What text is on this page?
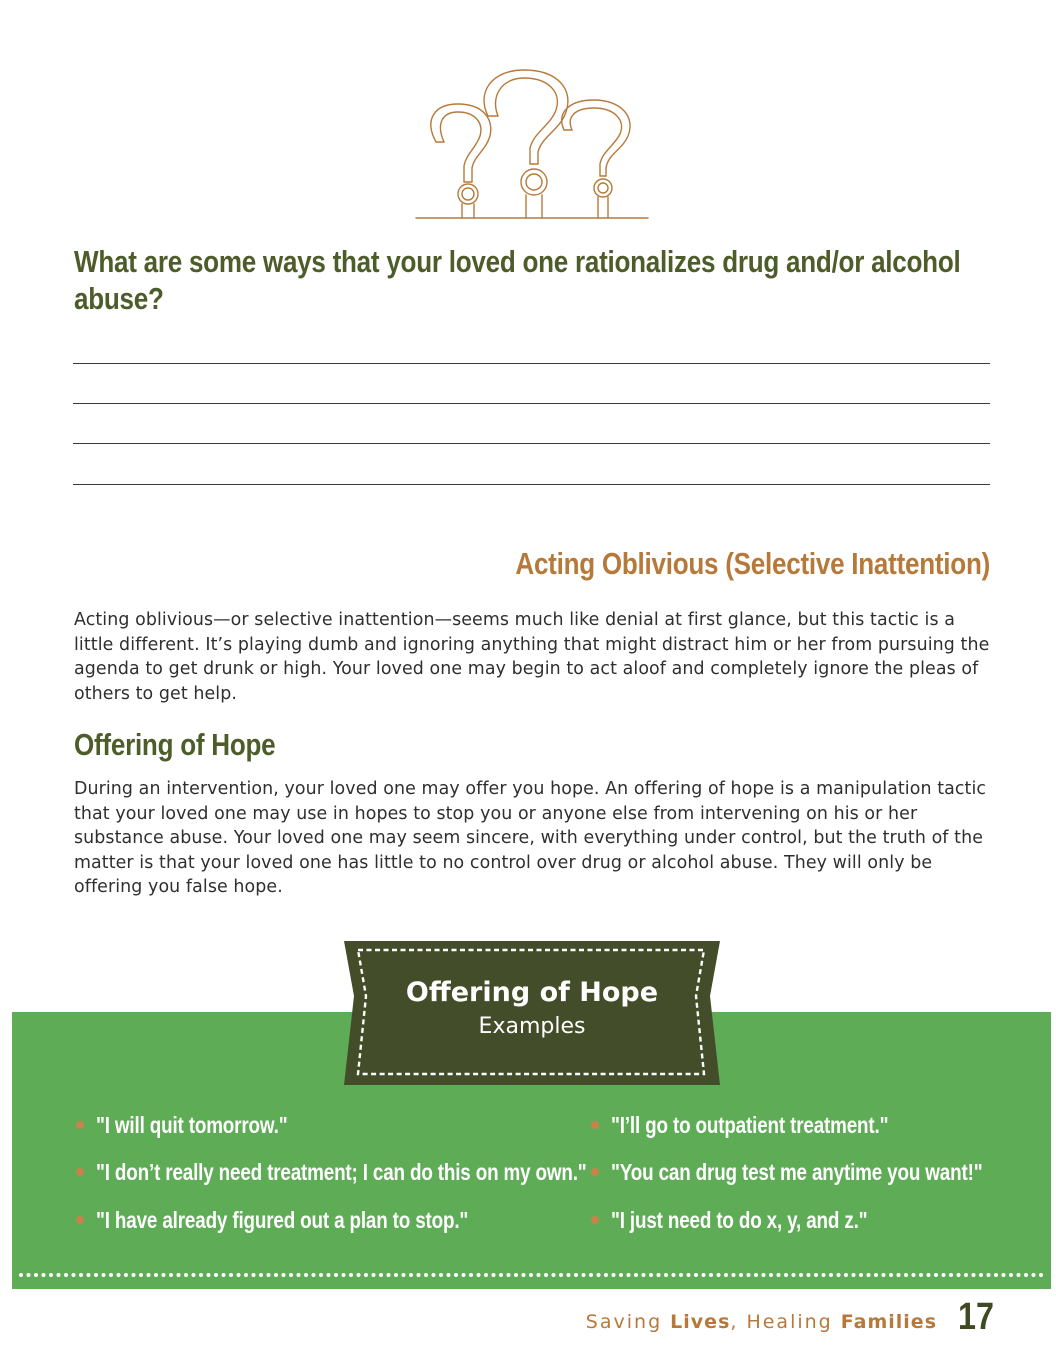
What are some ways that your loved one rationalizes drug and/or alcohol abuse?
Acting Oblivious (Selective Inattention)

Acting oblivious—or selective inattention—seems much like denial at first glance, but this tactic is a little different. It’s playing dumb and ignoring anything that might distract him or her from pursuing the agenda to get drunk or high. Your loved one may begin to act aloof and completely ignore the pleas of others to get help.

Offering of Hope

During an intervention, your loved one may offer you hope. An offering of hope is a manipulation tactic that your loved one may use in hopes to stop you or anyone else from intervening on his or her substance abuse. Your loved one may seem sincere, with everything under control, but the truth of the matter is that your loved one has little to no control over drug or alcohol abuse. They will only be offering you false hope.

Offering of Hope

Examples

"I will quit tomorrow."
"I don’t really need treatment; I can do this on my own."
"I have already figured out a plan to stop."
"I’ll go to outpatient treatment."
"You can drug test me anytime you want!"
"I just need to do x, y, and z."

Saving Lives, Healing Families 17
